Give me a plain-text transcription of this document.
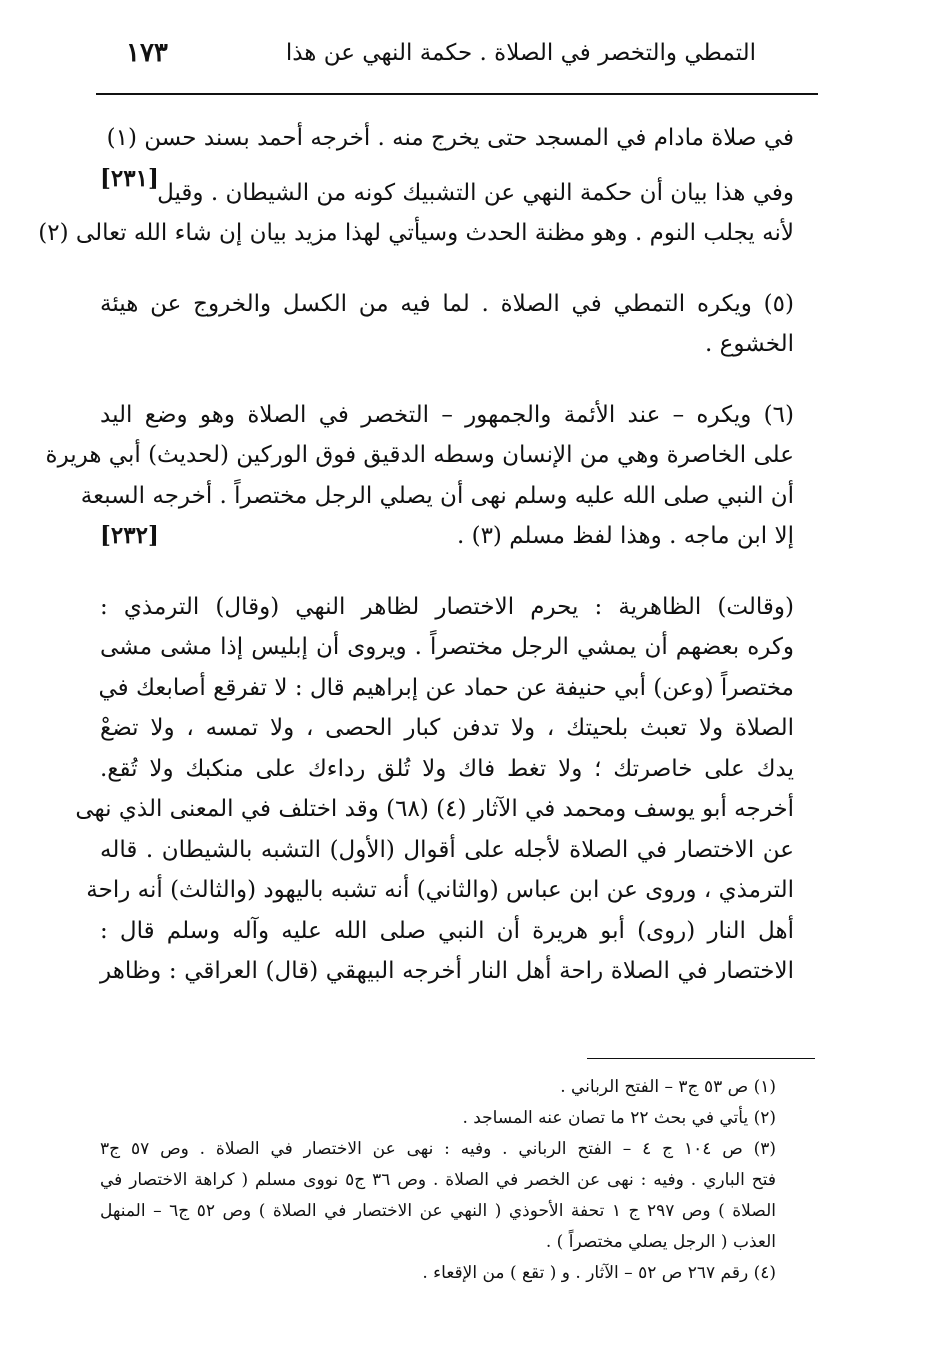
التمطي والتخصر في الصلاة . حكمة النهي عن هذا
١٧٣
في صلاة مادام في المسجد حتى يخرج منه . أخرجه أحمد بسند حسن (١)
[٢٣١]
وفي هذا بيان أن حكمة النهي عن التشبيك كونه من الشيطان . وقيل
لأنه يجلب النوم . وهو مظنة الحدث وسيأتي لهذا مزيد بيان إن شاء الله تعالى (٢)
(٥) ويكره التمطي في الصلاة . لما فيه من الكسل والخروج عن هيئة
الخشوع .
(٦) ويكره – عند الأئمة والجمهور – التخصر في الصلاة وهو وضع اليد
على الخاصرة وهي من الإنسان وسطه الدقيق فوق الوركين (لحديث) أبي هريرة
أن النبي صلى الله عليه وسلم نهى أن يصلي الرجل مختصراً . أخرجه السبعة
إلا ابن ماجه . وهذا لفظ مسلم (٣) .
[٢٣٢]
(وقالت) الظاهرية : يحرم الاختصار لظاهر النهي (وقال) الترمذي :
وكره بعضهم أن يمشي الرجل مختصراً . ويروى أن إبليس إذا مشى مشى
مختصراً (وعن) أبي حنيفة عن حماد عن إبراهيم قال : لا تفرقع أصابعك في
الصلاة ولا تعبث بلحيتك ، ولا تدفن كبار الحصى ، ولا تمسه ، ولا تضعْ
يدك على خاصرتك ؛ ولا تغط فاك ولا تُلق رداءك على منكبك ولا تُقع.
أخرجه أبو يوسف ومحمد في الآثار (٤) (٦٨) وقد اختلف في المعنى الذي نهى
عن الاختصار في الصلاة لأجله على أقوال (الأول) التشبه بالشيطان . قاله
الترمذي ، وروى عن ابن عباس (والثاني) أنه تشبه باليهود (والثالث) أنه راحة
أهل النار (روى) أبو هريرة أن النبي صلى الله عليه وآله وسلم قال :
الاختصار في الصلاة راحة أهل النار أخرجه البيهقي (قال) العراقي : وظاهر
(١) ص ٥٣ ج٣ – الفتح الرباني .
(٢) يأتي في بحث ٢٢ ما تصان عنه المساجد .
(٣) ص ١٠٤ ج ٤ – الفتح الرباني . وفيه : نهى عن الاختصار في الصلاة . وص ٥٧ ج٣
فتح الباري . وفيه : نهى عن الخصر في الصلاة . وص ٣٦ ج٥ نووى مسلم ( كراهة الاختصار في
الصلاة ) وص ٢٩٧ ج ١ تحفة الأحوذي ( النهي عن الاختصار في الصلاة ) وص ٥٢ ج٦ – المنهل
العذب ( الرجل يصلي مختصراً ) .
(٤) رقم ٢٦٧ ص ٥٢ – الآثار . و ( تقع ) من الإقعاء .
